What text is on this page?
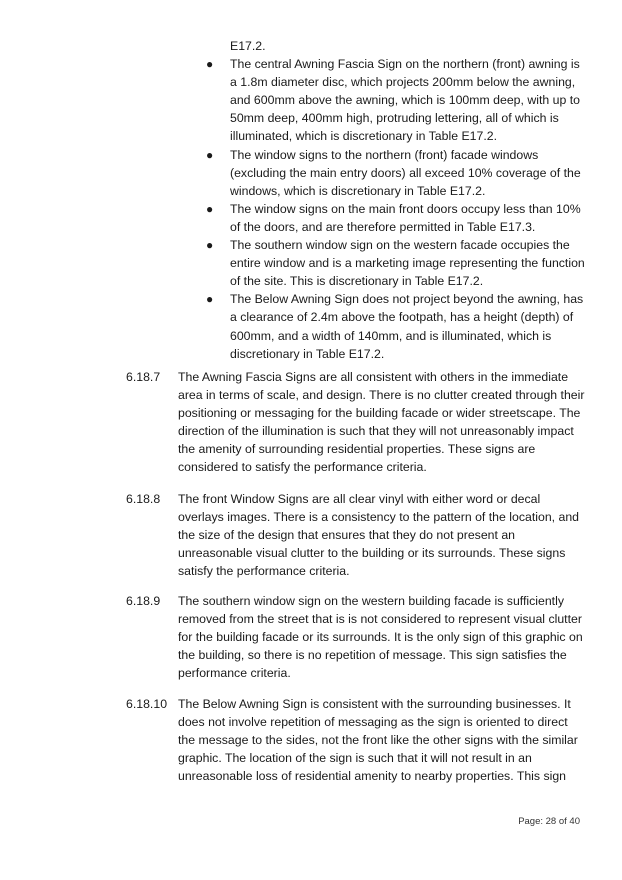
E17.2.
●	The central Awning Fascia Sign on the northern (front) awning is a 1.8m diameter disc, which projects 200mm below the awning, and 600mm above the awning, which is 100mm deep, with up to 50mm deep, 400mm high, protruding lettering, all of which is illuminated, which is discretionary in Table E17.2.
●	The window signs to the northern (front) facade windows (excluding the main entry doors) all exceed 10% coverage of the windows, which is discretionary in Table E17.2.
●	The window signs on the main front doors occupy less than 10% of the doors, and are therefore permitted in Table E17.3.
●	The southern window sign on the western facade occupies the entire window and is a marketing image representing the function of the site. This is discretionary in Table E17.2.
●	The Below Awning Sign does not project beyond the awning, has a clearance of 2.4m above the footpath, has a height (depth) of 600mm, and a width of 140mm, and is illuminated, which is discretionary in Table E17.2.
6.18.7	The Awning Fascia Signs are all consistent with others in the immediate area in terms of scale, and design. There is no clutter created through their positioning or messaging for the building facade or wider streetscape. The direction of the illumination is such that they will not unreasonably impact the amenity of surrounding residential properties. These signs are considered to satisfy the performance criteria.
6.18.8	The front Window Signs are all clear vinyl with either word or decal overlays images. There is a consistency to the pattern of the location, and the size of the design that ensures that they do not present an unreasonable visual clutter to the building or its surrounds. These signs satisfy the performance criteria.
6.18.9	The southern window sign on the western building facade is sufficiently removed from the street that is is not considered to represent visual clutter for the building facade or its surrounds. It is the only sign of this graphic on the building, so there is no repetition of message. This sign satisfies the performance criteria.
6.18.10 The Below Awning Sign is consistent with the surrounding businesses. It does not involve repetition of messaging as the sign is oriented to direct the message to the sides, not the front like the other signs with the similar graphic. The location of the sign is such that it will not result in an unreasonable loss of residential amenity to nearby properties. This sign
Page: 28 of 40
